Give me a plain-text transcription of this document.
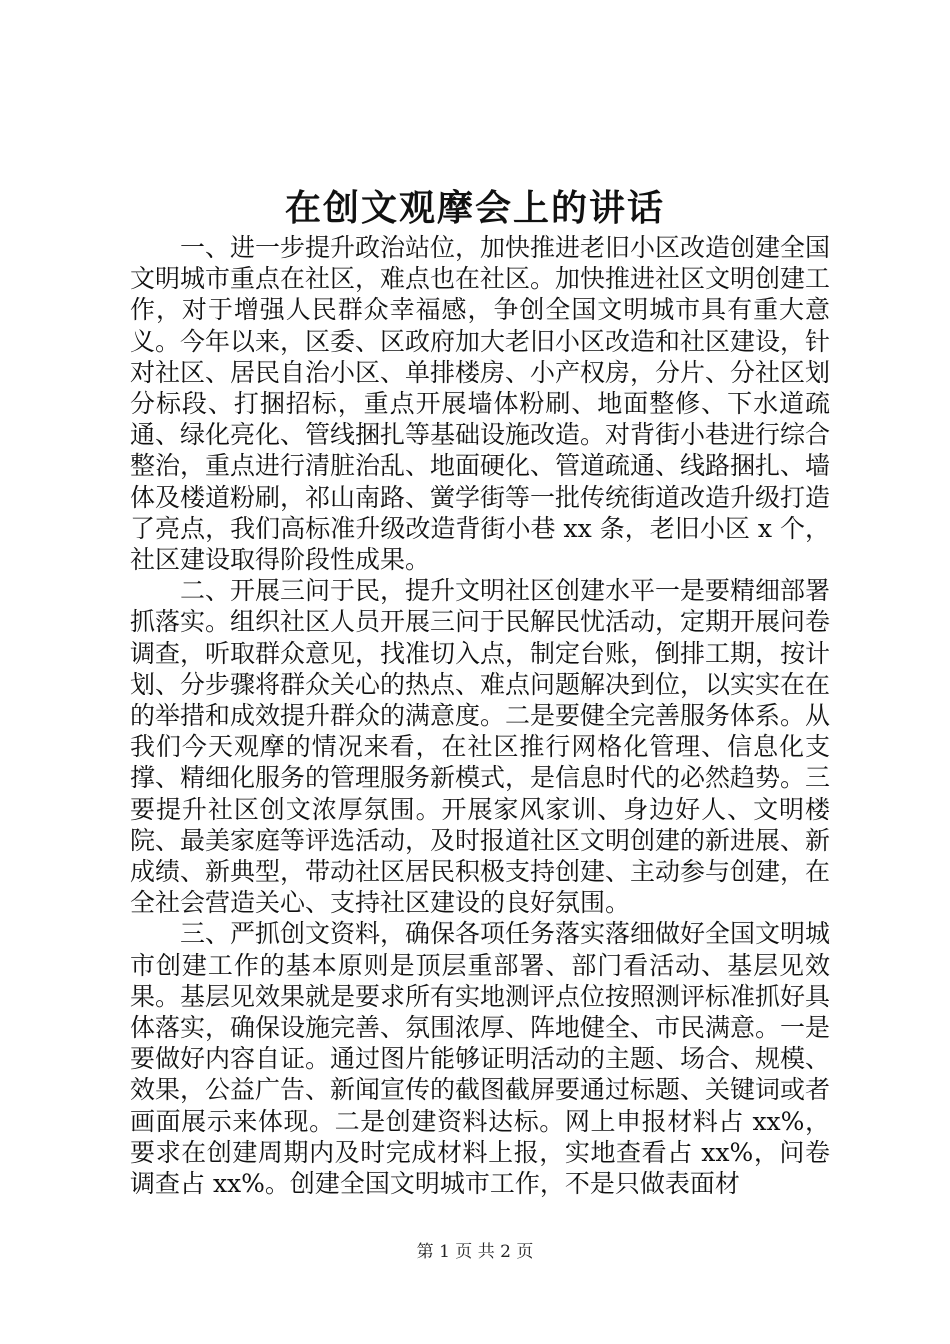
在创文观摩会上的讲话

一、进一步提升政治站位，加快推进老旧小区改造创建全国文明城市重点在社区，难点也在社区。加快推进社区文明创建工作，对于增强人民群众幸福感，争创全国文明城市具有重大意义。今年以来，区委、区政府加大老旧小区改造和社区建设，针对社区、居民自治小区、单排楼房、小产权房，分片、分社区划分标段、打捆招标，重点开展墙体粉刷、地面整修、下水道疏通、绿化亮化、管线捆扎等基础设施改造。对背街小巷进行综合整治，重点进行清脏治乱、地面硬化、管道疏通、线路捆扎、墙体及楼道粉刷，祁山南路、黉学街等一批传统街道改造升级打造了亮点，我们高标准升级改造背街小巷 xx 条，老旧小区 x 个，社区建设取得阶段性成果。

二、开展三问于民，提升文明社区创建水平一是要精细部署抓落实。组织社区人员开展三问于民解民忧活动，定期开展问卷调查，听取群众意见，找准切入点，制定台账，倒排工期，按计划、分步骤将群众关心的热点、难点问题解决到位，以实实在在的举措和成效提升群众的满意度。二是要健全完善服务体系。从我们今天观摩的情况来看，在社区推行网格化管理、信息化支撑、精细化服务的管理服务新模式，是信息时代的必然趋势。三要提升社区创文浓厚氛围。开展家风家训、身边好人、文明楼院、最美家庭等评选活动，及时报道社区文明创建的新进展、新成绩、新典型，带动社区居民积极支持创建、主动参与创建，在全社会营造关心、支持社区建设的良好氛围。

三、严抓创文资料，确保各项任务落实落细做好全国文明城市创建工作的基本原则是顶层重部署、部门看活动、基层见效果。基层见效果就是要求所有实地测评点位按照测评标准抓好具体落实，确保设施完善、氛围浓厚、阵地健全、市民满意。一是要做好内容自证。通过图片能够证明活动的主题、场合、规模、效果，公益广告、新闻宣传的截图截屏要通过标题、关键词或者画面展示来体现。二是创建资料达标。网上申报材料占 xx%，要求在创建周期内及时完成材料上报，实地查看占 xx%，问卷调查占 xx%。创建全国文明城市工作，不是只做表面材

第 1 页 共 2 页
